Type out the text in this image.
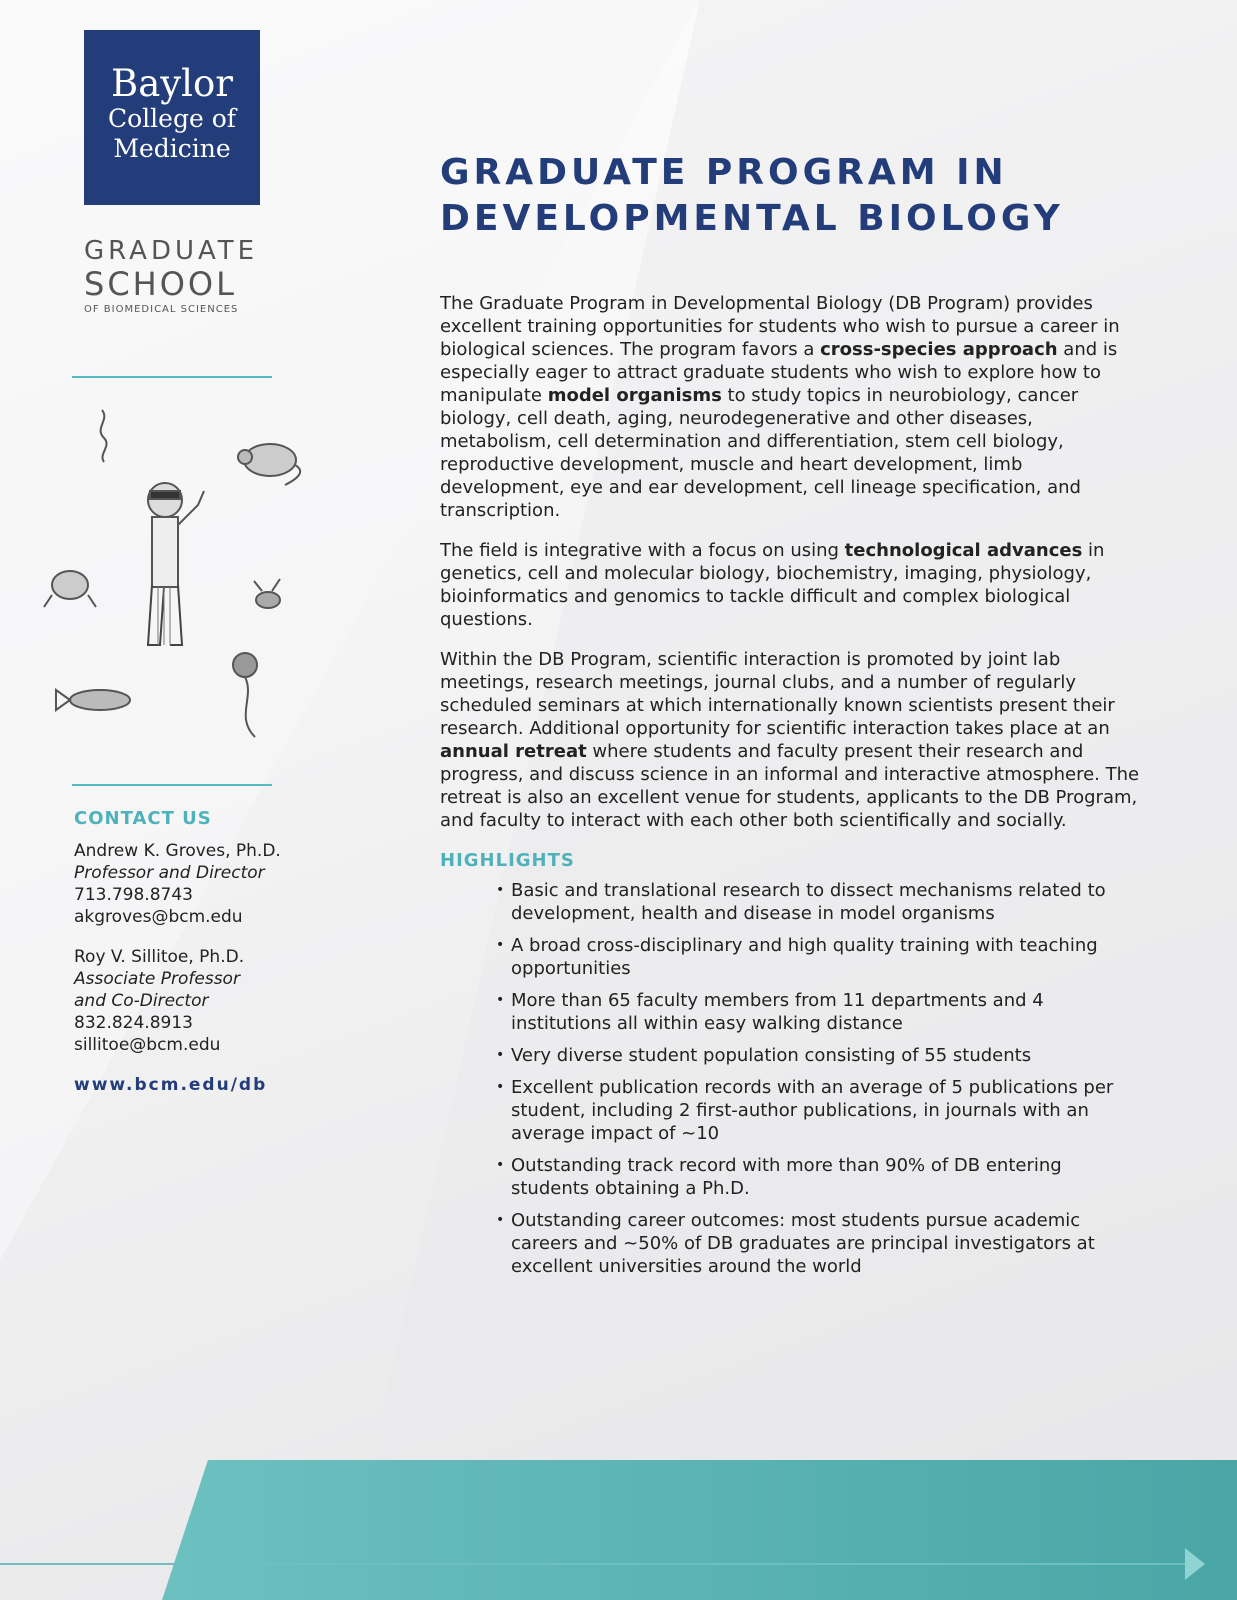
Baylor
College of
Medicine
GRADUATE
SCHOOL
OF BIOMEDICAL SCIENCES
CONTACT US
Andrew K. Groves, Ph.D.
Professor and Director
713.798.8743
akgroves@bcm.edu
Roy V. Sillitoe, Ph.D.
Associate Professor
and Co-Director
832.824.8913
sillitoe@bcm.edu
www.bcm.edu/db
GRADUATE PROGRAM IN
DEVELOPMENTAL BIOLOGY

The Graduate Program in Developmental Biology (DB Program) provides excellent training opportunities for students who wish to pursue a career in biological sciences. The program favors a cross-species approach and is especially eager to attract graduate students who wish to explore how to manipulate model organisms to study topics in neurobiology, cancer biology, cell death, aging, neurodegenerative and other diseases, metabolism, cell determination and differentiation, stem cell biology, reproductive development, muscle and heart development, limb development, eye and ear development, cell lineage specification, and transcription.

The field is integrative with a focus on using technological advances in genetics, cell and molecular biology, biochemistry, imaging, physiology, bioinformatics and genomics to tackle difficult and complex biological questions.

Within the DB Program, scientific interaction is promoted by joint lab meetings, research meetings, journal clubs, and a number of regularly scheduled seminars at which internationally known scientists present their research. Additional opportunity for scientific interaction takes place at an annual retreat where students and faculty present their research and progress, and discuss science in an informal and interactive atmosphere. The retreat is also an excellent venue for students, applicants to the DB Program, and faculty to interact with each other both scientifically and socially.

HIGHLIGHTS
• Basic and translational research to dissect mechanisms related to development, health and disease in model organisms
• A broad cross-disciplinary and high quality training with teaching opportunities
• More than 65 faculty members from 11 departments and 4 institutions all within easy walking distance
• Very diverse student population consisting of 55 students
• Excellent publication records with an average of 5 publications per student, including 2 first-author publications, in journals with an average impact of ~10
• Outstanding track record with more than 90% of DB entering students obtaining a Ph.D.
• Outstanding career outcomes: most students pursue academic careers and ~50% of DB graduates are principal investigators at excellent universities around the world
